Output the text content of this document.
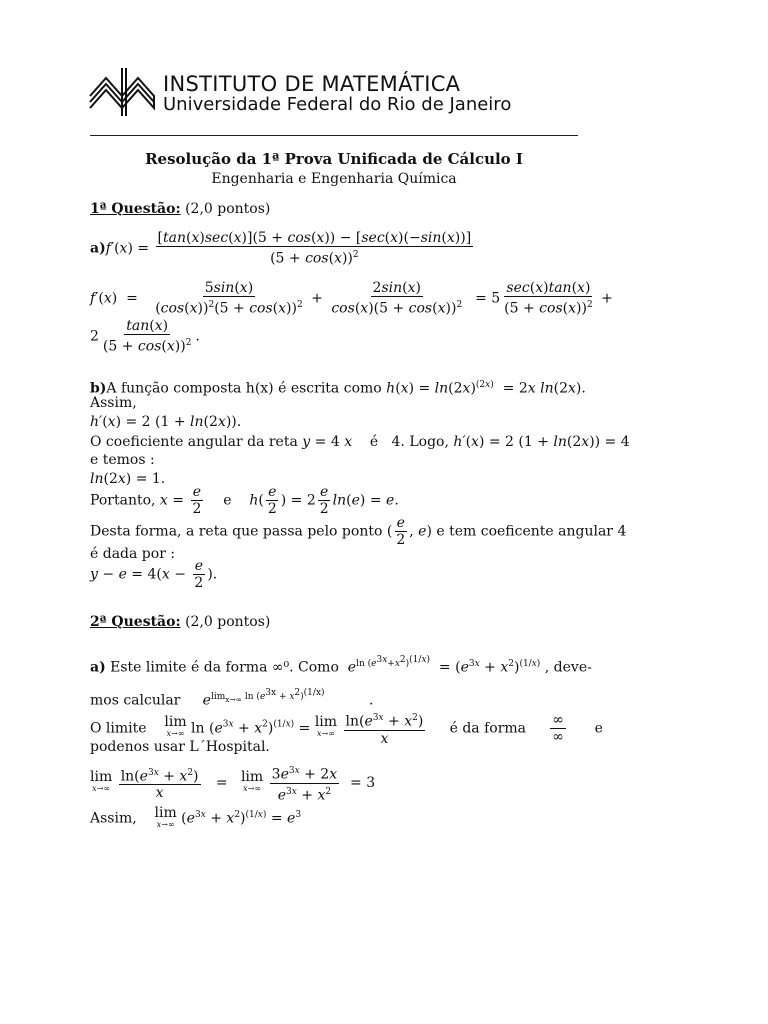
INSTITUTO DE MATEMÁTICA
Universidade Federal do Rio de Janeiro
Resolução da 1ª Prova Unificada de Cálculo I
Engenharia e Engenharia Química
1ª Questão: (2,0 pontos)
$a)f'(x) = \frac{[\tan(x)\sec(x)](5 + \cos(x)) - [\sec(x)(-\sin(x))]}{(5 + \cos(x))^2}$
$f'(x) = \frac{5\sin(x)}{(\cos(x))^2(5 + \cos(x))^2} + \frac{2\sin(x)}{\cos(x)(5 + \cos(x))^2} = 5 \frac{\sec(x)\tan(x)}{(5 + \cos(x))^2}$ +
$2 \frac{\tan(x)}{(5 + \cos(x))^2}$ .
b)A função composta h(x) é escrita como $h(x) = \ln(2x)^{(2x)} = 2x$ ln(2x).
Assim,
h′(x) = 2 (1 + ln(2x)).
O coeficiente angular da reta y = 4 x    é   4. Logo, h′(x) = 2 (1 + ln(2x)) = 4
e temos :
ln(2x) = 1.
Portanto, $x = \frac{e}{2}$ e $h( \frac{e}{2}$ ) = $2 \frac{e}{2} \ln(e) = e$.
Desta forma, a reta que passa pelo ponto ( $\frac{e}{2}$ , e) e tem coeficente angular 4
é dada por :
$y - e = 4(x - \frac{e}{2}$ ).
2ª Questão: (2,0 pontos)
a) Este limite é da forma ∞⁰. Como $e^{ln (e^{3x}+x^2)^{(1/x)}} = (e^{3x} + x^2)^{(1/x)}$ , deve-
mos calcular $e^{lim_{x\to\infty} ln (e^{3x} + x^2)^{(1/x)}}$          .
O limite lim
x→∞ $\ln (e^{3x} + x^2)^{(1/x)} = \lim$
x→∞
$\frac{\ln(e^{3x} + x^2)}{x}$ é da forma $\frac{\infty}{\infty}$ e
podenos usar L´Hospital.
lim
x→∞
$\frac{\ln(e^{3x} + x^2)}{x} = \lim$
x→∞
$\frac{3e^{3x} + 2x}{e^{3x} + x^2} = 3$
Assim, lim
x→∞ $(e^{3x} + x^2)^{(1/x)} = e^3$
